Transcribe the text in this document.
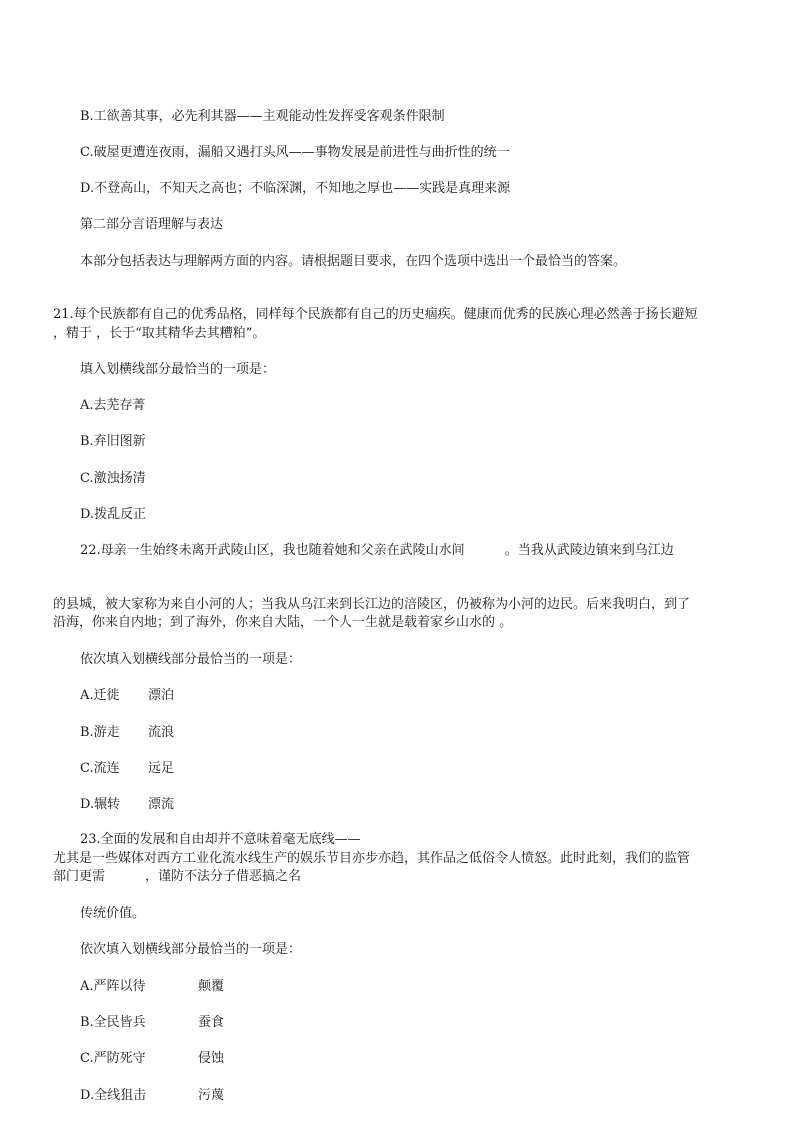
B.工欲善其事，必先利其器——主观能动性发挥受客观条件限制
C.破屋更遭连夜雨，漏船又遇打头风——事物发展是前进性与曲折性的统一
D.不登高山，不知天之高也；不临深渊，不知地之厚也——实践是真理来源
第二部分言语理解与表达
本部分包括表达与理解两方面的内容。请根据题目要求，在四个选项中选出一个最恰当的答案。
21.每个民族都有自己的优秀品格，同样每个民族都有自己的历史痼疾。健康而优秀的民族心理必然善于扬长避短
，精于 ，长于“取其精华去其糟粕”。
填入划横线部分最恰当的一项是：
A.去芜存菁
B.弃旧图新
C.激浊扬清
D.拨乱反正
22.母亲一生始终未离开武陵山区，我也随着她和父亲在武陵山水间	。当我从武陵边镇来到乌江边
的县城，被大家称为来自小河的人；当我从乌江来到长江边的涪陵区，仍被称为小河的边民。后来我明白，到了
沿海，你来自内地；到了海外，你来自大陆，一个人一生就是载着家乡山水的 。
依次填入划横线部分最恰当的一项是：
A.迁徙 漂泊
B.游走 流浪
C.流连 远足
D.辗转 漂流
23.全面的发展和自由却并不意味着毫无底线——
尤其是一些媒体对西方工业化流水线生产的娱乐节目亦步亦趋，其作品之低俗令人愤怒。此时此刻，我们的监管
部门更需	，谨防不法分子借恶搞之名
传统价值。
依次填入划横线部分最恰当的一项是：
A.严阵以待	颠覆
B.全民皆兵	蚕食
C.严防死守	侵蚀
D.全线狙击	污蔑
